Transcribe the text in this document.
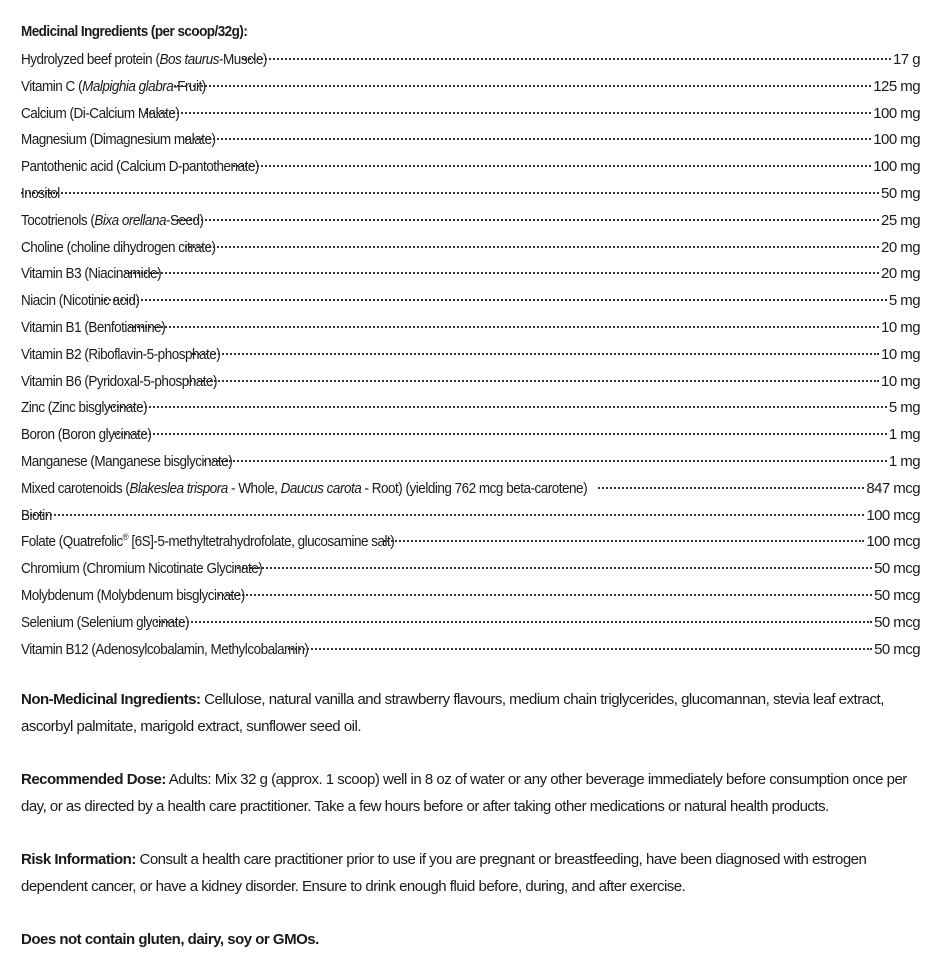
Medicinal Ingredients (per scoop/32g):
Hydrolyzed beef protein (Bos taurus-Muscle)	17 g
Vitamin C (Malpighia glabra-Fruit)	125 mg
Calcium (Di-Calcium Malate)	100 mg
Magnesium (Dimagnesium malate)	100 mg
Pantothenic acid (Calcium D-pantothenate)	100 mg
Inositol	50 mg
Tocotrienols (Bixa orellana-Seed)	25 mg
Choline (choline dihydrogen citrate)	20 mg
Vitamin B3 (Niacinamide)	20 mg
Niacin (Nicotinic acid)	5 mg
Vitamin B1 (Benfotiamine)	10 mg
Vitamin B2 (Riboflavin-5-phosphate)	10 mg
Vitamin B6 (Pyridoxal-5-phosphate)	10 mg
Zinc (Zinc bisglycinate)	5 mg
Boron (Boron glycinate)	1 mg
Manganese (Manganese bisglycinate)	1 mg
Mixed carotenoids (Blakeslea trispora - Whole, Daucus carota - Root) (yielding 762 mcg beta-carotene)	847 mcg
Biotin	100 mcg
Folate (Quatrefolic® [6S]-5-methyltetrahydrofolate, glucosamine salt)	100 mcg
Chromium (Chromium Nicotinate Glycinate)	50 mcg
Molybdenum (Molybdenum bisglycinate)	50 mcg
Selenium (Selenium glycinate)	50 mcg
Vitamin B12 (Adenosylcobalamin, Methylcobalamin)	50 mcg

Non-Medicinal Ingredients: Cellulose, natural vanilla and strawberry flavours, medium chain triglycerides, glucomannan, stevia leaf extract, ascorbyl palmitate, marigold extract, sunflower seed oil.

Recommended Dose: Adults: Mix 32 g (approx. 1 scoop) well in 8 oz of water or any other beverage immediately before consumption once per day, or as directed by a health care practitioner. Take a few hours before or after taking other medications or natural health products.

Risk Information: Consult a health care practitioner prior to use if you are pregnant or breastfeeding, have been diagnosed with estrogen dependent cancer, or have a kidney disorder. Ensure to drink enough fluid before, during, and after exercise.

Does not contain gluten, dairy, soy or GMOs.
